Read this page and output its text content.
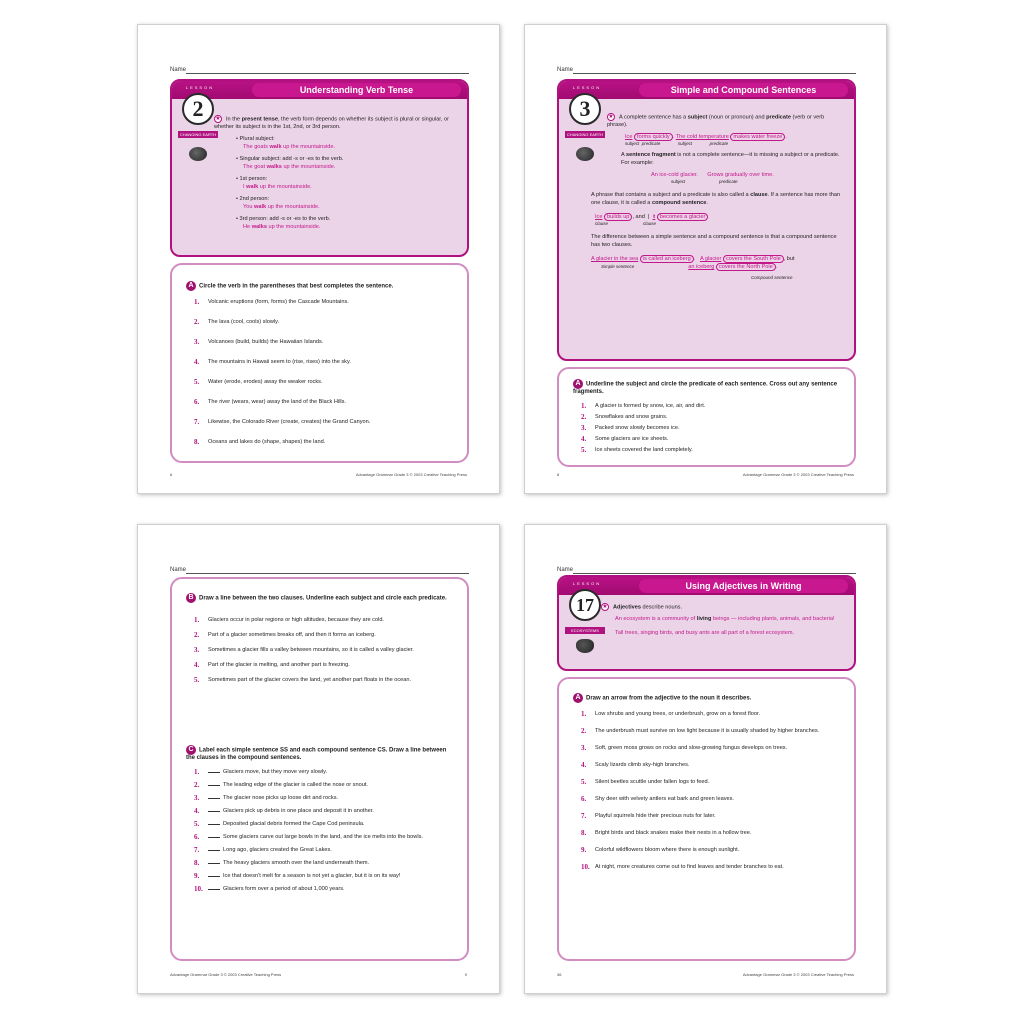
Name
LESSON	Understanding Verb Tense
2
CHANGING EARTH
★ In the present tense, the verb form depends on whether its subject is plural or singular, or whether its subject is in the 1st, 2nd, or 3rd person.
• Plural subject:
The goats walk up the mountainside.
• Singular subject: add -s or -es to the verb.
The goat walks up the mountainside.
• 1st person:
I walk up the mountainside.
• 2nd person:
You walk up the mountainside.
• 3rd person: add -s or -es to the verb.
He walks up the mountainside.
A Circle the verb in the parentheses that best completes the sentence.
1. Volcanic eruptions (form, forms) the Cascade Mountains.
2. The lava (cool, cools) slowly.
3. Volcanoes (build, builds) the Hawaiian Islands.
4. The mountains in Hawaii seem to (rise, rises) into the sky.
5. Water (erode, erodes) away the weaker rocks.
6. The river (wears, wear) away the land of the Black Hills.
7. Likewise, the Colorado River (create, creates) the Grand Canyon.
8. Oceans and lakes do (shape, shapes) the land.
6	Advantage Grammar Grade 3 © 2003 Creative Teaching Press
Name
LESSON	Simple and Compound Sentences
3
CHANGING EARTH
★ A complete sentence has a subject (noun or pronoun) and predicate (verb or verb phrase).
Ice forms quickly . The cold temperature makes water freeze .
subject predicate	subject	predicate
A sentence fragment is not a complete sentence—it is missing a subject or a predicate. For example:
An ice-cold glacier. Grows gradually over time.
subject	predicate
A phrase that contains a subject and a predicate is also called a clause. If a sentence has more than one clause, it is called a compound sentence.
Ice builds up , and | it becomes a glacier
clause	clause
The difference between a simple sentence and a compound sentence is that a compound sentence has two clauses.
A glacier in the sea is called an iceberg .   A glacier covers the South Pole , but
Simple sentence	an iceberg covers the North Pole .
Compound sentence
A Underline the subject and circle the predicate of each sentence. Cross out any sentence fragments.
1. A glacier is formed by snow, ice, air, and dirt.
2. Snowflakes and snow grains.
3. Packed snow slowly becomes ice.
4. Some glaciers are ice sheets.
5. Ice sheets covered the land completely.
8	Advantage Grammar Grade 3 © 2003 Creative Teaching Press
Name
B Draw a line between the two clauses. Underline each subject and circle each predicate.
1. Glaciers occur in polar regions or high altitudes, because they are cold.
2. Part of a glacier sometimes breaks off, and then it forms an iceberg.
3. Sometimes a glacier fills a valley between mountains, so it is called a valley glacier.
4. Part of the glacier is melting, and another part is freezing.
5. Sometimes part of the glacier covers the land, yet another part floats in the ocean.
C Label each simple sentence SS and each compound sentence CS. Draw a line between the clauses in the compound sentences.
1.	Glaciers move, but they move very slowly.
2.	The leading edge of the glacier is called the nose or snout.
3.	The glacier nose picks up loose dirt and rocks.
4.	Glaciers pick up debris in one place and deposit it in another.
5.	Deposited glacial debris formed the Cape Cod peninsula.
6.	Some glaciers carve out large bowls in the land, and the ice melts into the bowls.
7.	Long ago, glaciers created the Great Lakes.
8.	The heavy glaciers smooth over the land underneath them.
9.	Ice that doesn't melt for a season is not yet a glacier, but it is on its way!
10.	Glaciers form over a period of about 1,000 years.
Advantage Grammar Grade 3 © 2003 Creative Teaching Press	9
Name
LESSON	Using Adjectives in Writing
17
ECOSYSTEMS
★ Adjectives describe nouns.
An ecosystem is a community of living beings — including plants, animals, and bacteria!
Tall trees, singing birds, and busy ants are all part of a forest ecosystem.
A Draw an arrow from the adjective to the noun it describes.
1. Low shrubs and young trees, or underbrush, grow on a forest floor.
2. The underbrush must survive on low light because it is usually shaded by higher branches.
3. Soft, green moss grows on rocks and slow-growing fungus develops on trees.
4. Scaly lizards climb sky-high branches.
5. Silent beetles scuttle under fallen logs to feed.
6. Shy deer with velvety antlers eat bark and green leaves.
7. Playful squirrels hide their precious nuts for later.
8. Bright birds and black snakes make their nests in a hollow tree.
9. Colorful wildflowers bloom where there is enough sunlight.
10. At night, more creatures come out to find leaves and tender branches to eat.
36	Advantage Grammar Grade 3 © 2003 Creative Teaching Press
